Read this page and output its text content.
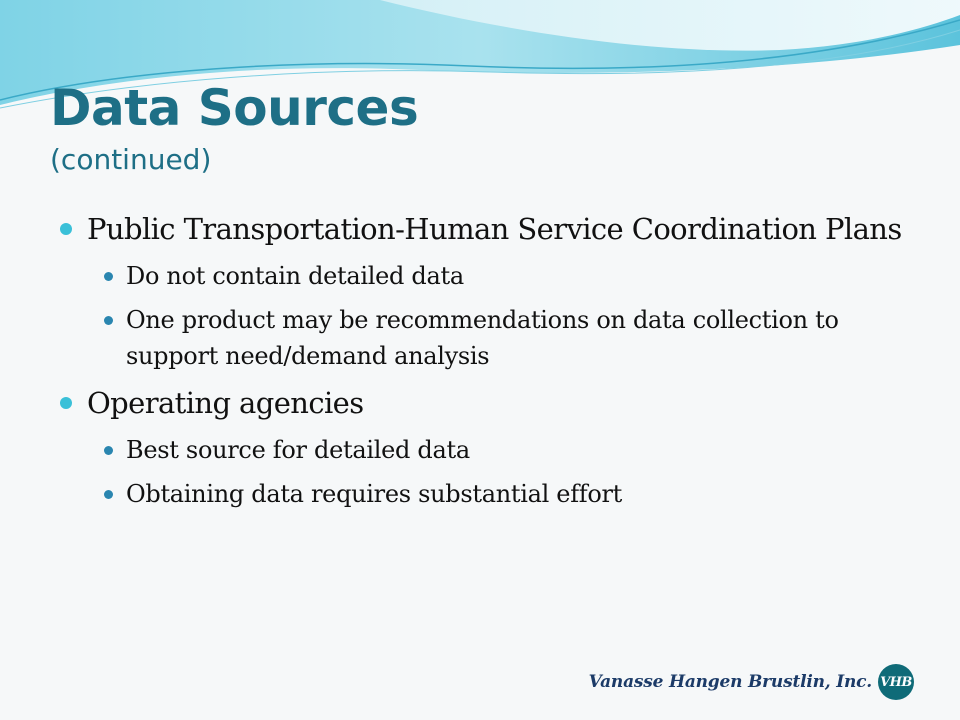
Data Sources
(continued)
Public Transportation-Human Service Coordination Plans
Do not contain detailed data
One product may be recommendations on data collection to support need/demand analysis
Operating agencies
Best source for detailed data
Obtaining data requires substantial effort
Vanasse Hangen Brustlin, Inc. VHB
